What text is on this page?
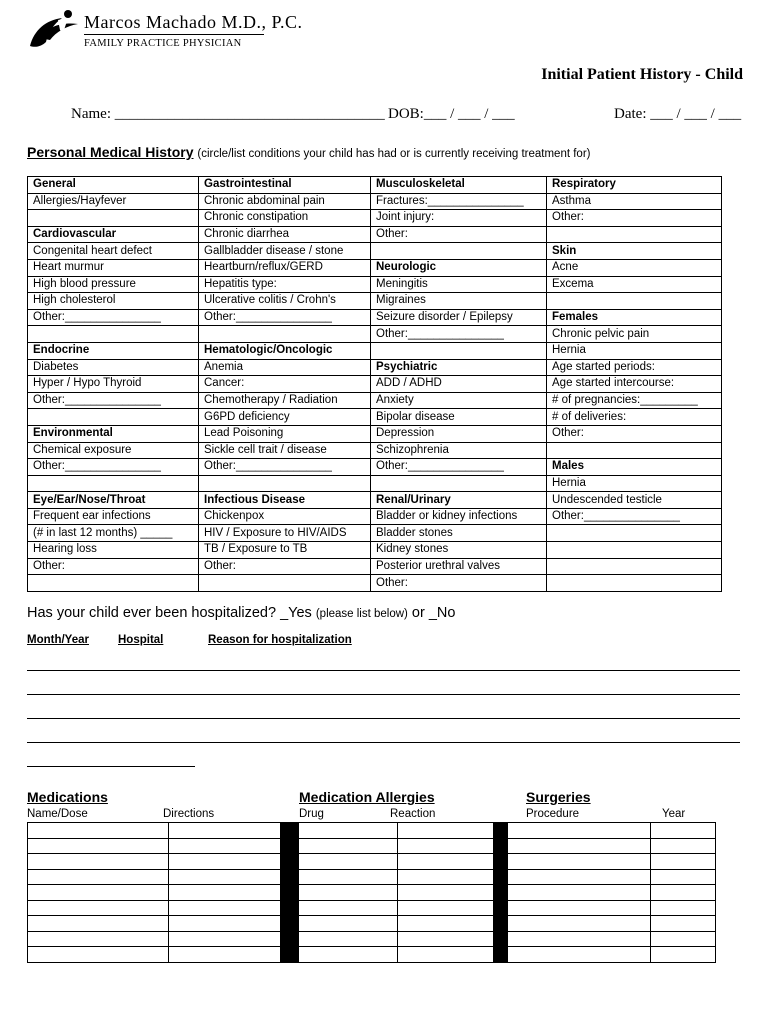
Marcos Machado M.D., P.C.
FAMILY PRACTICE PHYSICIAN
Initial Patient History - Child
Name: ____________________________________ DOB:___ / ___ / ___	Date: ___ / ___ / ___
Personal Medical History (circle/list conditions your child has had or is currently receiving treatment for)
General	Gastrointestinal	Musculoskeletal	Respiratory
Allergies/Hayfever	Chronic abdominal pain	Fractures:_______________	Asthma
	Chronic constipation	Joint injury:	Other:
Cardiovascular	Chronic diarrhea	Other:	
Congenital heart defect	Gallbladder disease / stone		Skin
Heart murmur	Heartburn/reflux/GERD	Neurologic	Acne
High blood pressure	Hepatitis type:	Meningitis	Excema
High cholesterol	Ulcerative colitis / Crohn's	Migraines	
Other:_______________	Other:_______________	Seizure disorder / Epilepsy	Females
		Other:_______________	Chronic pelvic pain
Endocrine	Hematologic/Oncologic		Hernia
Diabetes	Anemia	Psychiatric	Age started periods:
Hyper / Hypo Thyroid	Cancer:	ADD / ADHD	Age started intercourse:
Other:_______________	Chemotherapy / Radiation	Anxiety	# of pregnancies:_________
	G6PD deficiency	Bipolar disease	# of deliveries:
Environmental	Lead Poisoning	Depression	Other:
Chemical exposure	Sickle cell trait / disease	Schizophrenia	
Other:_______________	Other:_______________	Other:_______________	Males
			Hernia
Eye/Ear/Nose/Throat	Infectious Disease	Renal/Urinary	Undescended testicle
Frequent ear infections	Chickenpox	Bladder or kidney infections	Other:_______________
(# in last 12 months) _____	HIV / Exposure to HIV/AIDS	Bladder stones	
Hearing loss	TB / Exposure to TB	Kidney stones	
Other:	Other:	Posterior urethral valves	
		Other:	
Has your child ever been hospitalized? _Yes (please list below) or _No
Month/Year	Hospital	Reason for hospitalization
Medications	Medication Allergies	Surgeries
Name/Dose	Directions	Drug	Reaction	Procedure	Year
